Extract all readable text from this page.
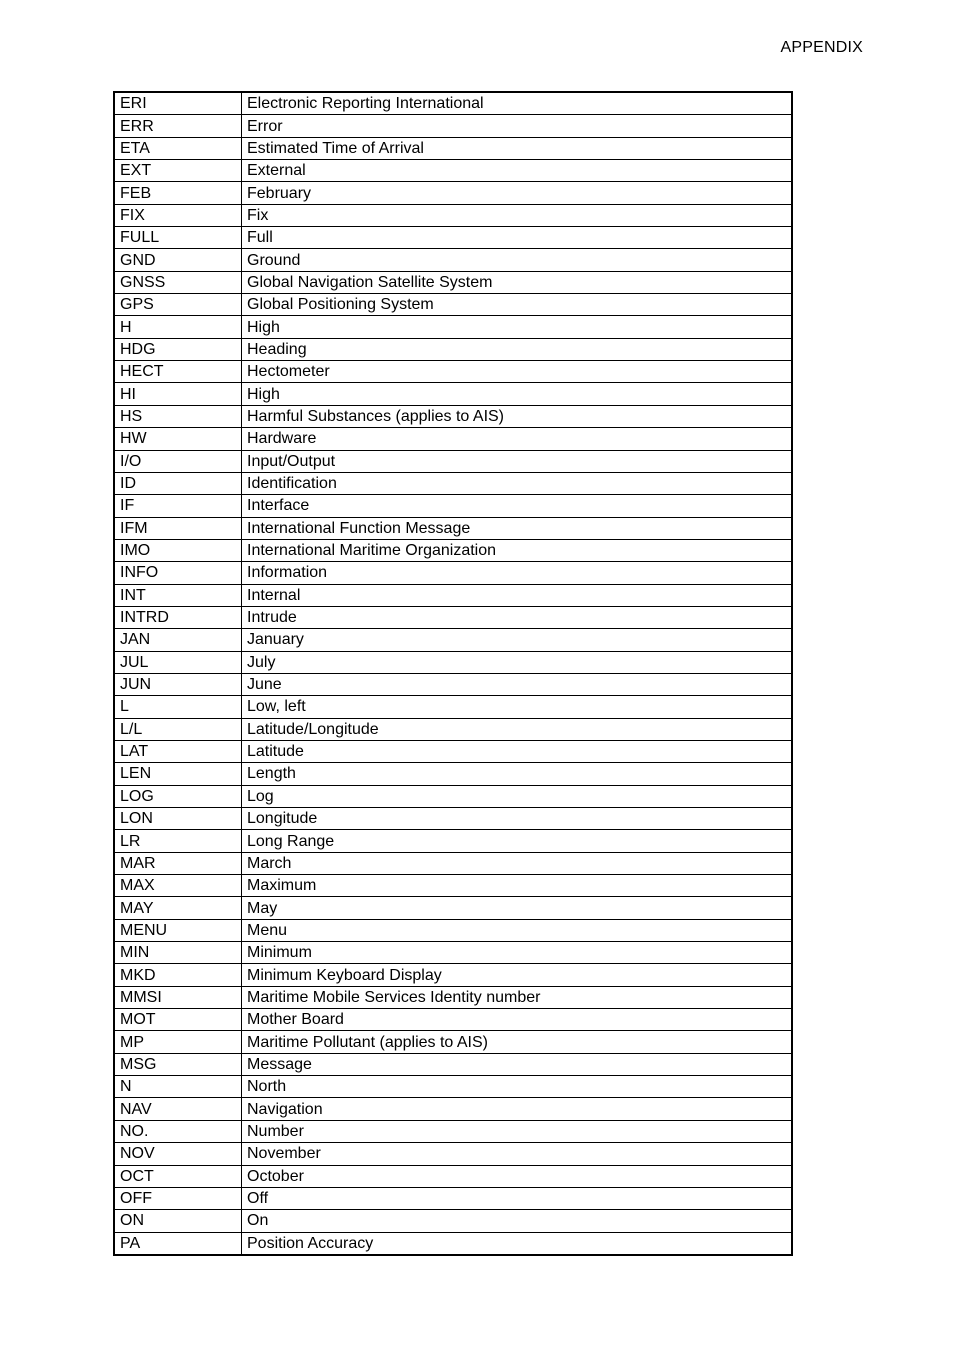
APPENDIX
ERI	Electronic Reporting International
ERR	Error
ETA	Estimated Time of Arrival
EXT	External
FEB	February
FIX	Fix
FULL	Full
GND	Ground
GNSS	Global Navigation Satellite System
GPS	Global Positioning System
H	High
HDG	Heading
HECT	Hectometer
HI	High
HS	Harmful Substances (applies to AIS)
HW	Hardware
I/O	Input/Output
ID	Identification
IF	Interface
IFM	International Function Message
IMO	International Maritime Organization
INFO	Information
INT	Internal
INTRD	Intrude
JAN	January
JUL	July
JUN	June
L	Low, left
L/L	Latitude/Longitude
LAT	Latitude
LEN	Length
LOG	Log
LON	Longitude
LR	Long Range
MAR	March
MAX	Maximum
MAY	May
MENU	Menu
MIN	Minimum
MKD	Minimum Keyboard Display
MMSI	Maritime Mobile Services Identity number
MOT	Mother Board
MP	Maritime Pollutant (applies to AIS)
MSG	Message
N	North
NAV	Navigation
NO.	Number
NOV	November
OCT	October
OFF	Off
ON	On
PA	Position Accuracy
